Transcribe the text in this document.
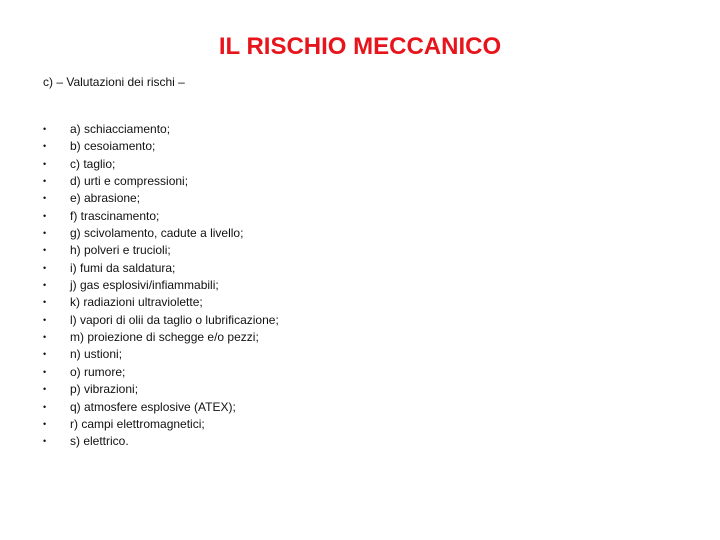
IL RISCHIO MECCANICO

c) – Valutazioni dei rischi –

•	a) schiacciamento;
•	b) cesoiamento;
•	c) taglio;
•	d) urti e compressioni;
•	e) abrasione;
•	f) trascinamento;
•	g) scivolamento, cadute a livello;
•	h) polveri e trucioli;
•	i) fumi da saldatura;
•	j) gas esplosivi/infiammabili;
•	k) radiazioni ultraviolette;
•	l) vapori di olii da taglio o lubrificazione;
•	m) proiezione di schegge e/o pezzi;
•	n) ustioni;
•	o) rumore;
•	p) vibrazioni;
•	q) atmosfere esplosive (ATEX);
•	r) campi elettromagnetici;
•	s) elettrico.
